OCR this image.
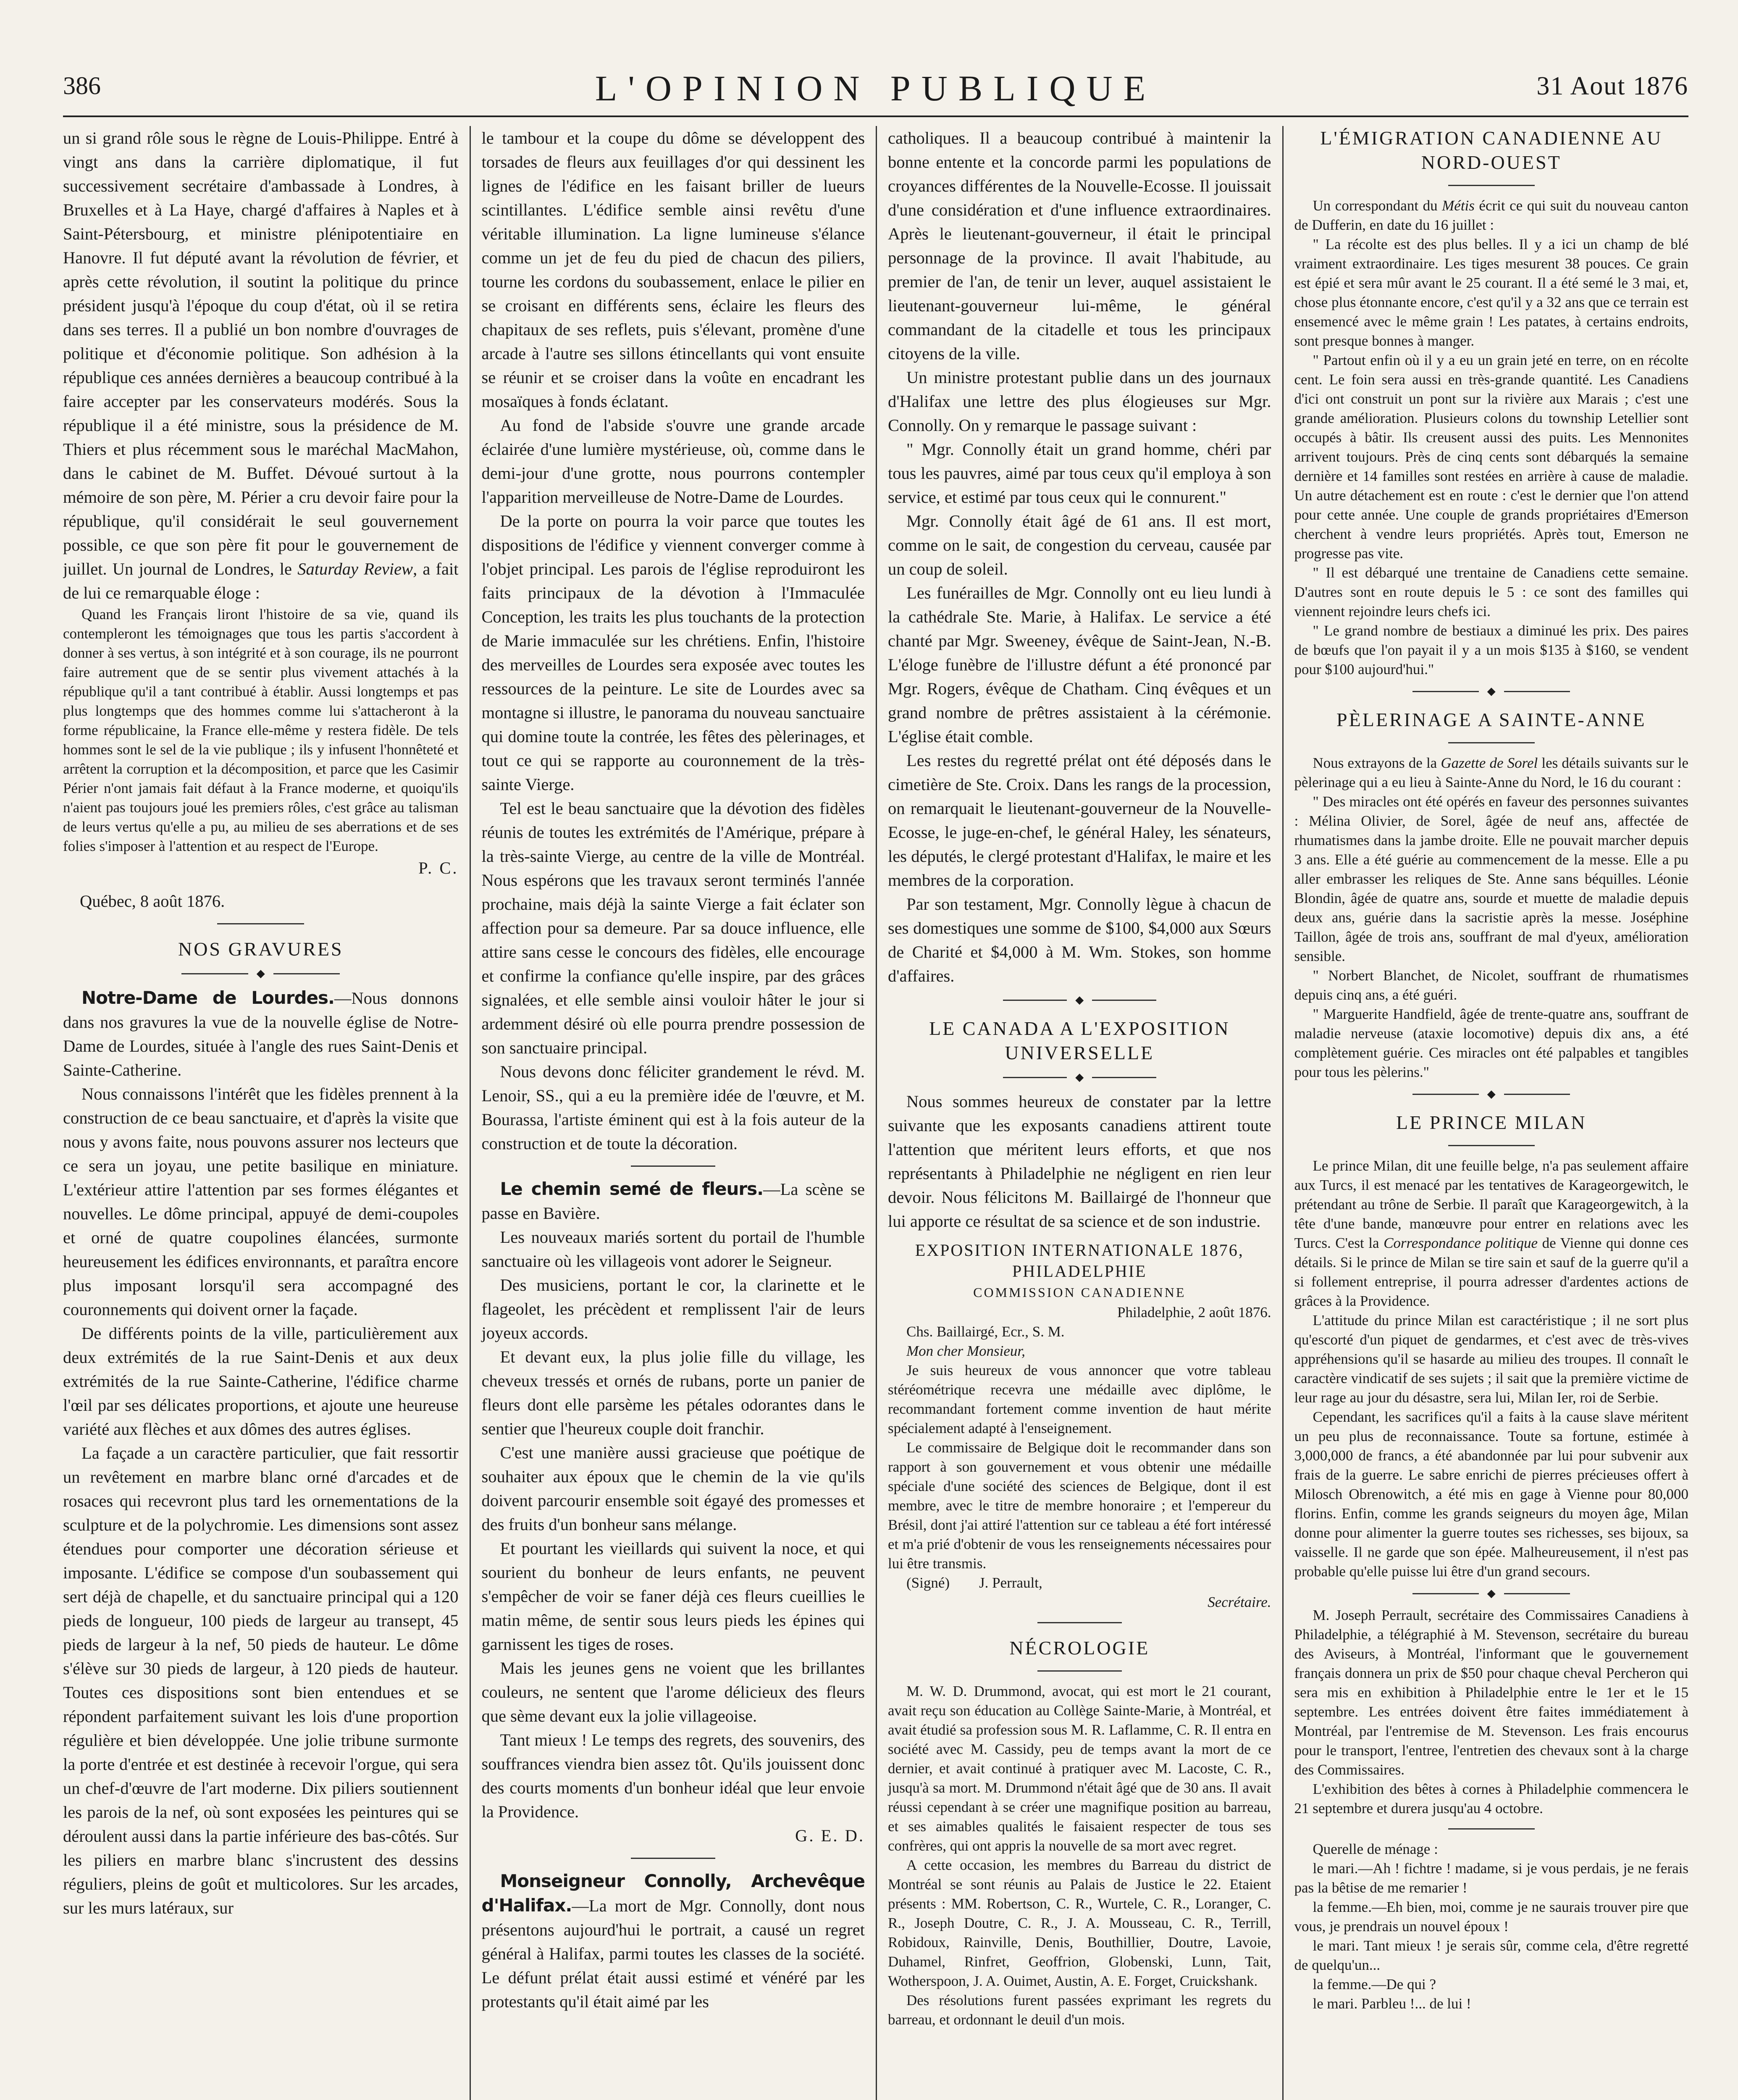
386	L'OPINION PUBLIQUE	31 Aout 1876

un si grand rôle sous le règne de Louis-Philippe. Entré à vingt ans dans la carrière diplomatique, il fut successivement secrétaire d'ambassade à Londres, à Bruxelles et à La Haye, chargé d'affaires à Naples et à Saint-Pétersbourg, et ministre plénipotentiaire en Hanovre. Il fut député avant la révolution de février, et après cette révolution, il soutint la politique du prince président jusqu'à l'époque du coup d'état, où il se retira dans ses terres. Il a publié un bon nombre d'ouvrages de politique et d'économie politique. Son adhésion à la république ces années dernières a beaucoup contribué à la faire accepter par les conservateurs modérés. Sous la république il a été ministre, sous la présidence de M. Thiers et plus récemment sous le maréchal MacMahon, dans le cabinet de M. Buffet. Dévoué surtout à la mémoire de son père, M. Périer a cru devoir faire pour la république, qu'il considérait le seul gouvernement possible, ce que son père fit pour le gouvernement de juillet. Un journal de Londres, le Saturday Review, a fait de lui ce remarquable éloge :

Quand les Français liront l'histoire de sa vie, quand ils contempleront les témoignages que tous les partis s'accordent à donner à ses vertus, à son intégrité et à son courage, ils ne pourront faire autrement que de se sentir plus vivement attachés à la république qu'il a tant contribué à établir. Aussi longtemps et pas plus longtemps que des hommes comme lui s'attacheront à la forme républicaine, la France elle-même y restera fidèle. De tels hommes sont le sel de la vie publique ; ils y infusent l'honnêteté et arrêtent la corruption et la décomposition, et parce que les Casimir Périer n'ont jamais fait défaut à la France moderne, et quoiqu'ils n'aient pas toujours joué les premiers rôles, c'est grâce au talisman de leurs vertus qu'elle a pu, au milieu de ses aberrations et de ses folies s'imposer à l'attention et au respect de l'Europe.

P. C.

Québec, 8 août 1876.

NOS GRAVURES
◆

Notre-Dame de Lourdes.—Nous donnons dans nos gravures la vue de la nouvelle église de Notre-Dame de Lourdes, située à l'angle des rues Saint-Denis et Sainte-Catherine.

Nous connaissons l'intérêt que les fidèles prennent à la construction de ce beau sanctuaire, et d'après la visite que nous y avons faite, nous pouvons assurer nos lecteurs que ce sera un joyau, une petite basilique en miniature. L'extérieur attire l'attention par ses formes élégantes et nouvelles. Le dôme principal, appuyé de demi-coupoles et orné de quatre coupolines élancées, surmonte heureusement les édifices environnants, et paraîtra encore plus imposant lorsqu'il sera accompagné des couronnements qui doivent orner la façade.

De différents points de la ville, particulièrement aux deux extrémités de la rue Saint-Denis et aux deux extrémités de la rue Sainte-Catherine, l'édifice charme l'œil par ses délicates proportions, et ajoute une heureuse variété aux flèches et aux dômes des autres églises.

La façade a un caractère particulier, que fait ressortir un revêtement en marbre blanc orné d'arcades et de rosaces qui recevront plus tard les ornementations de la sculpture et de la polychromie. Les dimensions sont assez étendues pour comporter une décoration sérieuse et imposante. L'édifice se compose d'un soubassement qui sert déjà de chapelle, et du sanctuaire principal qui a 120 pieds de longueur, 100 pieds de largeur au transept, 45 pieds de largeur à la nef, 50 pieds de hauteur. Le dôme s'élève sur 30 pieds de largeur, à 120 pieds de hauteur. Toutes ces dispositions sont bien entendues et se répondent parfaitement suivant les lois d'une proportion régulière et bien développée. Une jolie tribune surmonte la porte d'entrée et est destinée à recevoir l'orgue, qui sera un chef-d'œuvre de l'art moderne. Dix piliers soutiennent les parois de la nef, où sont exposées les peintures qui se déroulent aussi dans la partie inférieure des bas-côtés. Sur les piliers en marbre blanc s'incrustent des dessins réguliers, pleins de goût et multicolores. Sur les arcades, sur les murs latéraux, sur

le tambour et la coupe du dôme se développent des torsades de fleurs aux feuillages d'or qui dessinent les lignes de l'édifice en les faisant briller de lueurs scintillantes. L'édifice semble ainsi revêtu d'une véritable illumination. La ligne lumineuse s'élance comme un jet de feu du pied de chacun des piliers, tourne les cordons du soubassement, enlace le pilier en se croisant en différents sens, éclaire les fleurs des chapitaux de ses reflets, puis s'élevant, promène d'une arcade à l'autre ses sillons étincellants qui vont ensuite se réunir et se croiser dans la voûte en encadrant les mosaïques à fonds éclatant.

Au fond de l'abside s'ouvre une grande arcade éclairée d'une lumière mystérieuse, où, comme dans le demi-jour d'une grotte, nous pourrons contempler l'apparition merveilleuse de Notre-Dame de Lourdes.

De la porte on pourra la voir parce que toutes les dispositions de l'édifice y viennent converger comme à l'objet principal. Les parois de l'église reproduiront les faits principaux de la dévotion à l'Immaculée Conception, les traits les plus touchants de la protection de Marie immaculée sur les chrétiens. Enfin, l'histoire des merveilles de Lourdes sera exposée avec toutes les ressources de la peinture. Le site de Lourdes avec sa montagne si illustre, le panorama du nouveau sanctuaire qui domine toute la contrée, les fêtes des pèlerinages, et tout ce qui se rapporte au couronnement de la très-sainte Vierge.

Tel est le beau sanctuaire que la dévotion des fidèles réunis de toutes les extrémités de l'Amérique, prépare à la très-sainte Vierge, au centre de la ville de Montréal. Nous espérons que les travaux seront terminés l'année prochaine, mais déjà la sainte Vierge a fait éclater son affection pour sa demeure. Par sa douce influence, elle attire sans cesse le concours des fidèles, elle encourage et confirme la confiance qu'elle inspire, par des grâces signalées, et elle semble ainsi vouloir hâter le jour si ardemment désiré où elle pourra prendre possession de son sanctuaire principal.

Nous devons donc féliciter grandement le révd. M. Lenoir, SS., qui a eu la première idée de l'œuvre, et M. Bourassa, l'artiste éminent qui est à la fois auteur de la construction et de toute la décoration.

Le chemin semé de fleurs.—La scène se passe en Bavière.

Les nouveaux mariés sortent du portail de l'humble sanctuaire où les villageois vont adorer le Seigneur.

Des musiciens, portant le cor, la clarinette et le flageolet, les précèdent et remplissent l'air de leurs joyeux accords.

Et devant eux, la plus jolie fille du village, les cheveux tressés et ornés de rubans, porte un panier de fleurs dont elle parsème les pétales odorantes dans le sentier que l'heureux couple doit franchir.

C'est une manière aussi gracieuse que poétique de souhaiter aux époux que le chemin de la vie qu'ils doivent parcourir ensemble soit égayé des promesses et des fruits d'un bonheur sans mélange.

Et pourtant les vieillards qui suivent la noce, et qui sourient du bonheur de leurs enfants, ne peuvent s'empêcher de voir se faner déjà ces fleurs cueillies le matin même, de sentir sous leurs pieds les épines qui garnissent les tiges de roses.

Mais les jeunes gens ne voient que les brillantes couleurs, ne sentent que l'arome délicieux des fleurs que sème devant eux la jolie villageoise.

Tant mieux ! Le temps des regrets, des souvenirs, des souffrances viendra bien assez tôt. Qu'ils jouissent donc des courts moments d'un bonheur idéal que leur envoie la Providence.

G. E. D.

Monseigneur Connolly, Archevêque d'Halifax.—La mort de Mgr. Connolly, dont nous présentons aujourd'hui le portrait, a causé un regret général à Halifax, parmi toutes les classes de la société. Le défunt prélat était aussi estimé et vénéré par les protestants qu'il était aimé par les

catholiques. Il a beaucoup contribué à maintenir la bonne entente et la concorde parmi les populations de croyances différentes de la Nouvelle-Ecosse. Il jouissait d'une considération et d'une influence extraordinaires. Après le lieutenant-gouverneur, il était le principal personnage de la province. Il avait l'habitude, au premier de l'an, de tenir un lever, auquel assistaient le lieutenant-gouverneur lui-même, le général commandant de la citadelle et tous les principaux citoyens de la ville.

Un ministre protestant publie dans un des journaux d'Halifax une lettre des plus élogieuses sur Mgr. Connolly. On y remarque le passage suivant :

" Mgr. Connolly était un grand homme, chéri par tous les pauvres, aimé par tous ceux qu'il employa à son service, et estimé par tous ceux qui le connurent."

Mgr. Connolly était âgé de 61 ans. Il est mort, comme on le sait, de congestion du cerveau, causée par un coup de soleil.

Les funérailles de Mgr. Connolly ont eu lieu lundi à la cathédrale Ste. Marie, à Halifax. Le service a été chanté par Mgr. Sweeney, évêque de Saint-Jean, N.-B. L'éloge funèbre de l'illustre défunt a été prononcé par Mgr. Rogers, évêque de Chatham. Cinq évêques et un grand nombre de prêtres assistaient à la cérémonie. L'église était comble.

Les restes du regretté prélat ont été déposés dans le cimetière de Ste. Croix. Dans les rangs de la procession, on remarquait le lieutenant-gouverneur de la Nouvelle-Ecosse, le juge-en-chef, le général Haley, les sénateurs, les députés, le clergé protestant d'Halifax, le maire et les membres de la corporation.

Par son testament, Mgr. Connolly lègue à chacun de ses domestiques une somme de $100, $4,000 aux Sœurs de Charité et $4,000 à M. Wm. Stokes, son homme d'affaires.

◆
LE CANADA A L'EXPOSITION UNIVERSELLE
◆

Nous sommes heureux de constater par la lettre suivante que les exposants canadiens attirent toute l'attention que méritent leurs efforts, et que nos représentants à Philadelphie ne négligent en rien leur devoir. Nous félicitons M. Baillairgé de l'honneur que lui apporte ce résultat de sa science et de son industrie.

EXPOSITION INTERNATIONALE 1876, PHILADELPHIE
COMMISSION CANADIENNE

Philadelphie, 2 août 1876.

Chs. Baillairgé, Ecr., S. M.

Mon cher Monsieur,

Je suis heureux de vous annoncer que votre tableau stéréométrique recevra une médaille avec diplôme, le recommandant fortement comme invention de haut mérite spécialement adapté à l'enseignement.

Le commissaire de Belgique doit le recommander dans son rapport à son gouvernement et vous obtenir une médaille spéciale d'une société des sciences de Belgique, dont il est membre, avec le titre de membre honoraire ; et l'empereur du Brésil, dont j'ai attiré l'attention sur ce tableau a été fort intéressé et m'a prié d'obtenir de vous les renseignements nécessaires pour lui être transmis.

(Signé) J. Perrault,

Secrétaire.

NÉCROLOGIE

M. W. D. Drummond, avocat, qui est mort le 21 courant, avait reçu son éducation au Collège Sainte-Marie, à Montréal, et avait étudié sa profession sous M. R. Laflamme, C. R. Il entra en société avec M. Cassidy, peu de temps avant la mort de ce dernier, et avait continué à pratiquer avec M. Lacoste, C. R., jusqu'à sa mort. M. Drummond n'était âgé que de 30 ans. Il avait réussi cependant à se créer une magnifique position au barreau, et ses aimables qualités le faisaient respecter de tous ses confrères, qui ont appris la nouvelle de sa mort avec regret.

A cette occasion, les membres du Barreau du district de Montréal se sont réunis au Palais de Justice le 22. Etaient présents : MM. Robertson, C. R., Wurtele, C. R., Loranger, C. R., Joseph Doutre, C. R., J. A. Mousseau, C. R., Terrill, Robidoux, Rainville, Denis, Bouthillier, Doutre, Lavoie, Duhamel, Rinfret, Geoffrion, Globenski, Lunn, Tait, Wotherspoon, J. A. Ouimet, Austin, A. E. Forget, Cruickshank.

Des résolutions furent passées exprimant les regrets du barreau, et ordonnant le deuil d'un mois.

L'ÉMIGRATION CANADIENNE AU NORD-OUEST

Un correspondant du Métis écrit ce qui suit du nouveau canton de Dufferin, en date du 16 juillet :

" La récolte est des plus belles. Il y a ici un champ de blé vraiment extraordinaire. Les tiges mesurent 38 pouces. Ce grain est épié et sera mûr avant le 25 courant. Il a été semé le 3 mai, et, chose plus étonnante encore, c'est qu'il y a 32 ans que ce terrain est ensemencé avec le même grain ! Les patates, à certains endroits, sont presque bonnes à manger.

" Partout enfin où il y a eu un grain jeté en terre, on en récolte cent. Le foin sera aussi en très-grande quantité. Les Canadiens d'ici ont construit un pont sur la rivière aux Marais ; c'est une grande amélioration. Plusieurs colons du township Letellier sont occupés à bâtir. Ils creusent aussi des puits. Les Mennonites arrivent toujours. Près de cinq cents sont débarqués la semaine dernière et 14 familles sont restées en arrière à cause de maladie. Un autre détachement est en route : c'est le dernier que l'on attend pour cette année. Une couple de grands propriétaires d'Emerson cherchent à vendre leurs propriétés. Après tout, Emerson ne progresse pas vite.

" Il est débarqué une trentaine de Canadiens cette semaine. D'autres sont en route depuis le 5 : ce sont des familles qui viennent rejoindre leurs chefs ici.

" Le grand nombre de bestiaux a diminué les prix. Des paires de bœufs que l'on payait il y a un mois $135 à $160, se vendent pour $100 aujourd'hui."

◆
PÈLERINAGE A SAINTE-ANNE

Nous extrayons de la Gazette de Sorel les détails suivants sur le pèlerinage qui a eu lieu à Sainte-Anne du Nord, le 16 du courant :

" Des miracles ont été opérés en faveur des personnes suivantes : Mélina Olivier, de Sorel, âgée de neuf ans, affectée de rhumatismes dans la jambe droite. Elle ne pouvait marcher depuis 3 ans. Elle a été guérie au commencement de la messe. Elle a pu aller embrasser les reliques de Ste. Anne sans béquilles. Léonie Blondin, âgée de quatre ans, sourde et muette de maladie depuis deux ans, guérie dans la sacristie après la messe. Joséphine Taillon, âgée de trois ans, souffrant de mal d'yeux, amélioration sensible.

" Norbert Blanchet, de Nicolet, souffrant de rhumatismes depuis cinq ans, a été guéri.

" Marguerite Handfield, âgée de trente-quatre ans, souffrant de maladie nerveuse (ataxie locomotive) depuis dix ans, a été complètement guérie. Ces miracles ont été palpables et tangibles pour tous les pèlerins."

◆
LE PRINCE MILAN

Le prince Milan, dit une feuille belge, n'a pas seulement affaire aux Turcs, il est menacé par les tentatives de Karageorgewitch, le prétendant au trône de Serbie. Il paraît que Karageorgewitch, à la tête d'une bande, manœuvre pour entrer en relations avec les Turcs. C'est la Correspondance politique de Vienne qui donne ces détails. Si le prince de Milan se tire sain et sauf de la guerre qu'il a si follement entreprise, il pourra adresser d'ardentes actions de grâces à la Providence.

L'attitude du prince Milan est caractéristique ; il ne sort plus qu'escorté d'un piquet de gendarmes, et c'est avec de très-vives appréhensions qu'il se hasarde au milieu des troupes. Il connaît le caractère vindicatif de ses sujets ; il sait que la première victime de leur rage au jour du désastre, sera lui, Milan Ier, roi de Serbie.

Cependant, les sacrifices qu'il a faits à la cause slave méritent un peu plus de reconnaissance. Toute sa fortune, estimée à 3,000,000 de francs, a été abandonnée par lui pour subvenir aux frais de la guerre. Le sabre enrichi de pierres précieuses offert à Milosch Obrenowitch, a été mis en gage à Vienne pour 80,000 florins. Enfin, comme les grands seigneurs du moyen âge, Milan donne pour alimenter la guerre toutes ses richesses, ses bijoux, sa vaisselle. Il ne garde que son épée. Malheureusement, il n'est pas probable qu'elle puisse lui être d'un grand secours.

◆

M. Joseph Perrault, secrétaire des Commissaires Canadiens à Philadelphie, a télégraphié à M. Stevenson, secrétaire du bureau des Aviseurs, à Montréal, l'informant que le gouvernement français donnera un prix de $50 pour chaque cheval Percheron qui sera mis en exhibition à Philadelphie entre le 1er et le 15 septembre. Les entrées doivent être faites immédiatement à Montréal, par l'entremise de M. Stevenson. Les frais encourus pour le transport, l'entree, l'entretien des chevaux sont à la charge des Commissaires.

L'exhibition des bêtes à cornes à Philadelphie commencera le 21 septembre et durera jusqu'au 4 octobre.

Querelle de ménage :

le mari.—Ah ! fichtre ! madame, si je vous perdais, je ne ferais pas la bêtise de me remarier !

la femme.—Eh bien, moi, comme je ne saurais trouver pire que vous, je prendrais un nouvel époux !

le mari. Tant mieux ! je serais sûr, comme cela, d'être regretté de quelqu'un...

la femme.—De qui ?

le mari. Parbleu !... de lui !
